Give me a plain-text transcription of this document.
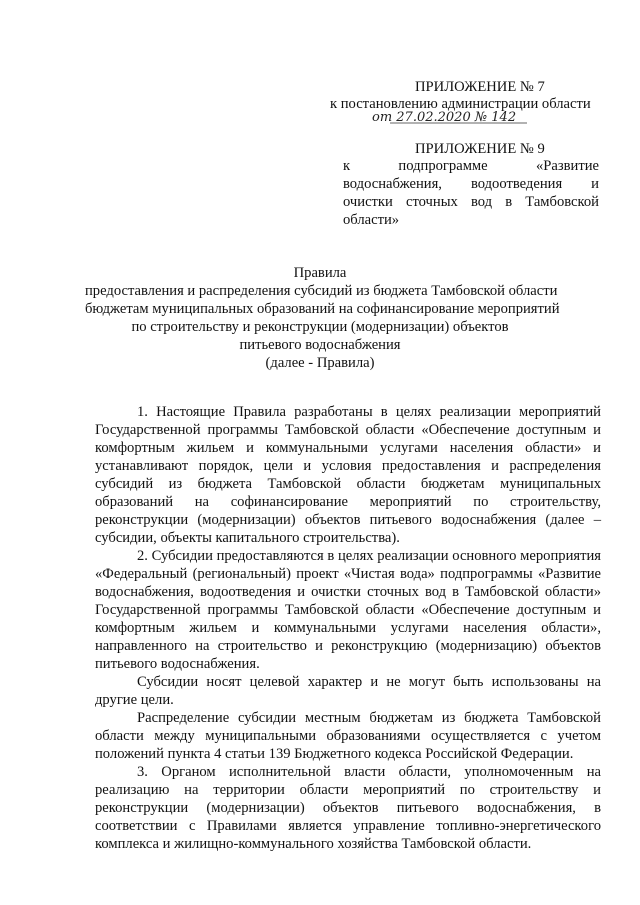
ПРИЛОЖЕНИЕ № 7
к постановлению администрации области
от 27.02.2020 № 142
ПРИЛОЖЕНИЕ № 9
к подпрограмме «Развитие водоснабжения, водоотведения и очистки сточных вод в Тамбовской области»
Правила
предоставления и распределения субсидий из бюджета Тамбовской области
бюджетам муниципальных образований на софинансирование мероприятий
по строительству и реконструкции (модернизации) объектов
питьевого водоснабжения
(далее - Правила)

1. Настоящие Правила разработаны в целях реализации мероприятий Государственной программы Тамбовской области «Обеспечение доступным и комфортным жильем и коммунальными услугами населения области» и устанавливают порядок, цели и условия предоставления и распределения субсидий из бюджета Тамбовской области бюджетам муниципальных образований на софинансирование мероприятий по строительству, реконструкции (модернизации) объектов питьевого водоснабжения (далее – субсидии, объекты капитального строительства).

2. Субсидии предоставляются в целях реализации основного мероприятия «Федеральный (региональный) проект «Чистая вода» подпрограммы «Развитие водоснабжения, водоотведения и очистки сточных вод в Тамбовской области» Государственной программы Тамбовской области «Обеспечение доступным и комфортным жильем и коммунальными услугами населения области», направленного на строительство и реконструкцию (модернизацию) объектов питьевого водоснабжения.

Субсидии носят целевой характер и не могут быть использованы на другие цели.

Распределение субсидии местным бюджетам из бюджета Тамбовской области между муниципальными образованиями осуществляется с учетом положений пункта 4 статьи 139 Бюджетного кодекса Российской Федерации.

3. Органом исполнительной власти области, уполномоченным на реализацию на территории области мероприятий по строительству и реконструкции (модернизации) объектов питьевого водоснабжения, в соответствии с Правилами является управление топливно-энергетического комплекса и жилищно-коммунального хозяйства Тамбовской области.
